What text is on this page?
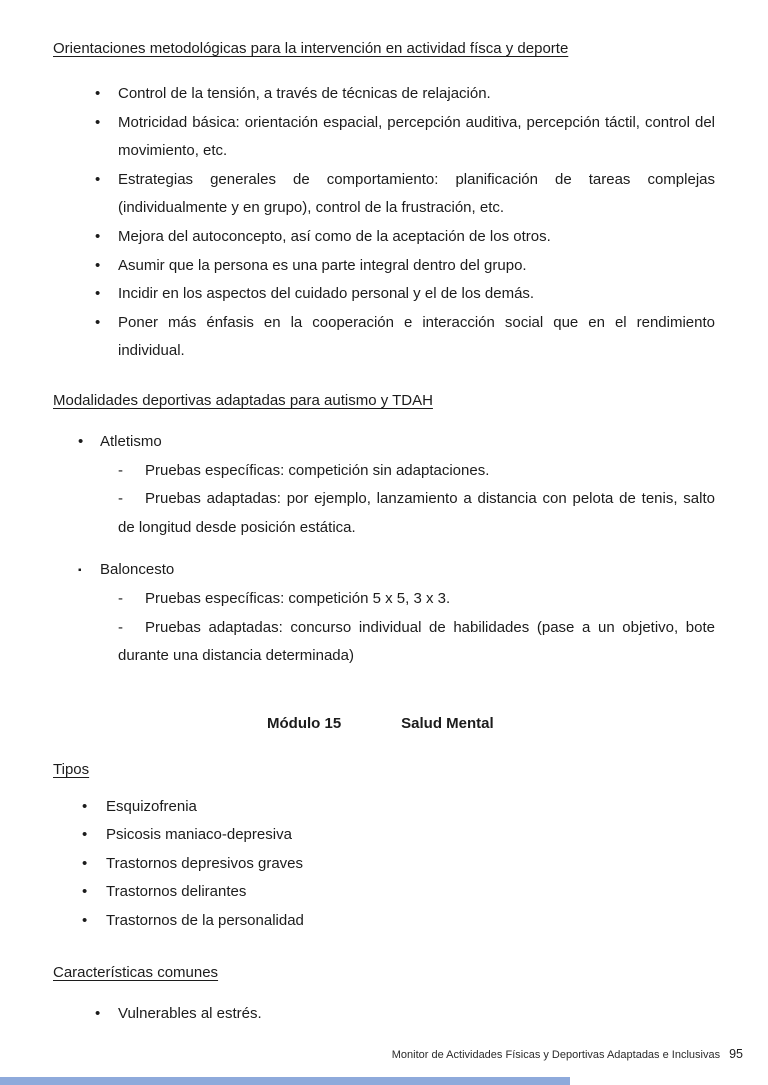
Orientaciones metodológicas para la intervención en actividad físca y deporte
• Control de la tensión, a través de técnicas de relajación.
• Motricidad básica: orientación espacial, percepción auditiva, percepción táctil, control del movimiento, etc.
• Estrategias generales de comportamiento: planificación de tareas complejas (individualmente y en grupo), control de la frustración, etc.
• Mejora del autoconcepto, así como de la aceptación de los otros.
• Asumir que la persona es una parte integral dentro del grupo.
• Incidir en los aspectos del cuidado personal y el de los demás.
• Poner más énfasis en la cooperación e interacción social que en el rendimiento individual.
Modalidades deportivas adaptadas para autismo y TDAH
• Atletismo
- Pruebas específicas: competición sin adaptaciones.
- Pruebas adaptadas: por ejemplo, lanzamiento a distancia con pelota de tenis, salto de longitud desde posición estática.
▪ Baloncesto
- Pruebas específicas: competición 5 x 5, 3 x 3.
- Pruebas adaptadas: concurso individual de habilidades (pase a un objetivo, bote durante una distancia determinada)
Módulo 15	Salud Mental
Tipos
• Esquizofrenia
• Psicosis maniaco-depresiva
• Trastornos depresivos graves
• Trastornos delirantes
• Trastornos de la personalidad
Características comunes
• Vulnerables al estrés.
Monitor de Actividades Físicas y Deportivas Adaptadas e Inclusivas 95
